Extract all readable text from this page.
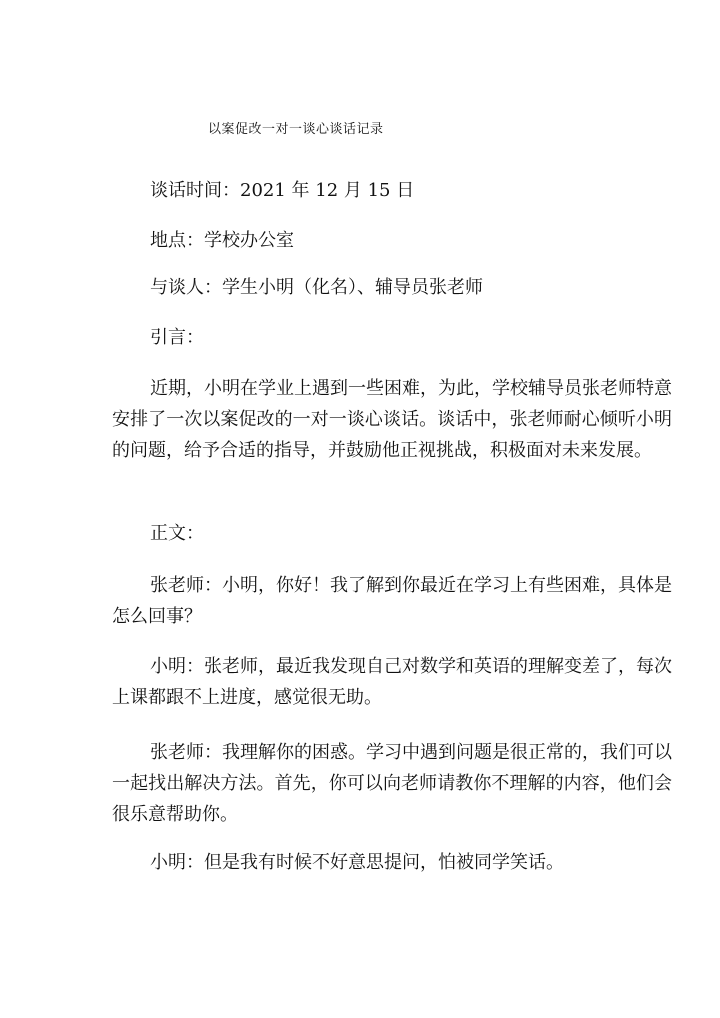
以案促改一对一谈心谈话记录
谈话时间：2021 年 12 月 15 日
地点：学校办公室
与谈人：学生小明（化名）、辅导员张老师
引言：
近期，小明在学业上遇到一些困难，为此，学校辅导员张老师特意安排了一次以案促改的一对一谈心谈话。谈话中，张老师耐心倾听小明的问题，给予合适的指导，并鼓励他正视挑战，积极面对未来发展。
正文：
张老师：小明，你好！我了解到你最近在学习上有些困难，具体是怎么回事？
小明：张老师，最近我发现自己对数学和英语的理解变差了，每次上课都跟不上进度，感觉很无助。
张老师：我理解你的困惑。学习中遇到问题是很正常的，我们可以一起找出解决方法。首先，你可以向老师请教你不理解的内容，他们会很乐意帮助你。
小明：但是我有时候不好意思提问，怕被同学笑话。
